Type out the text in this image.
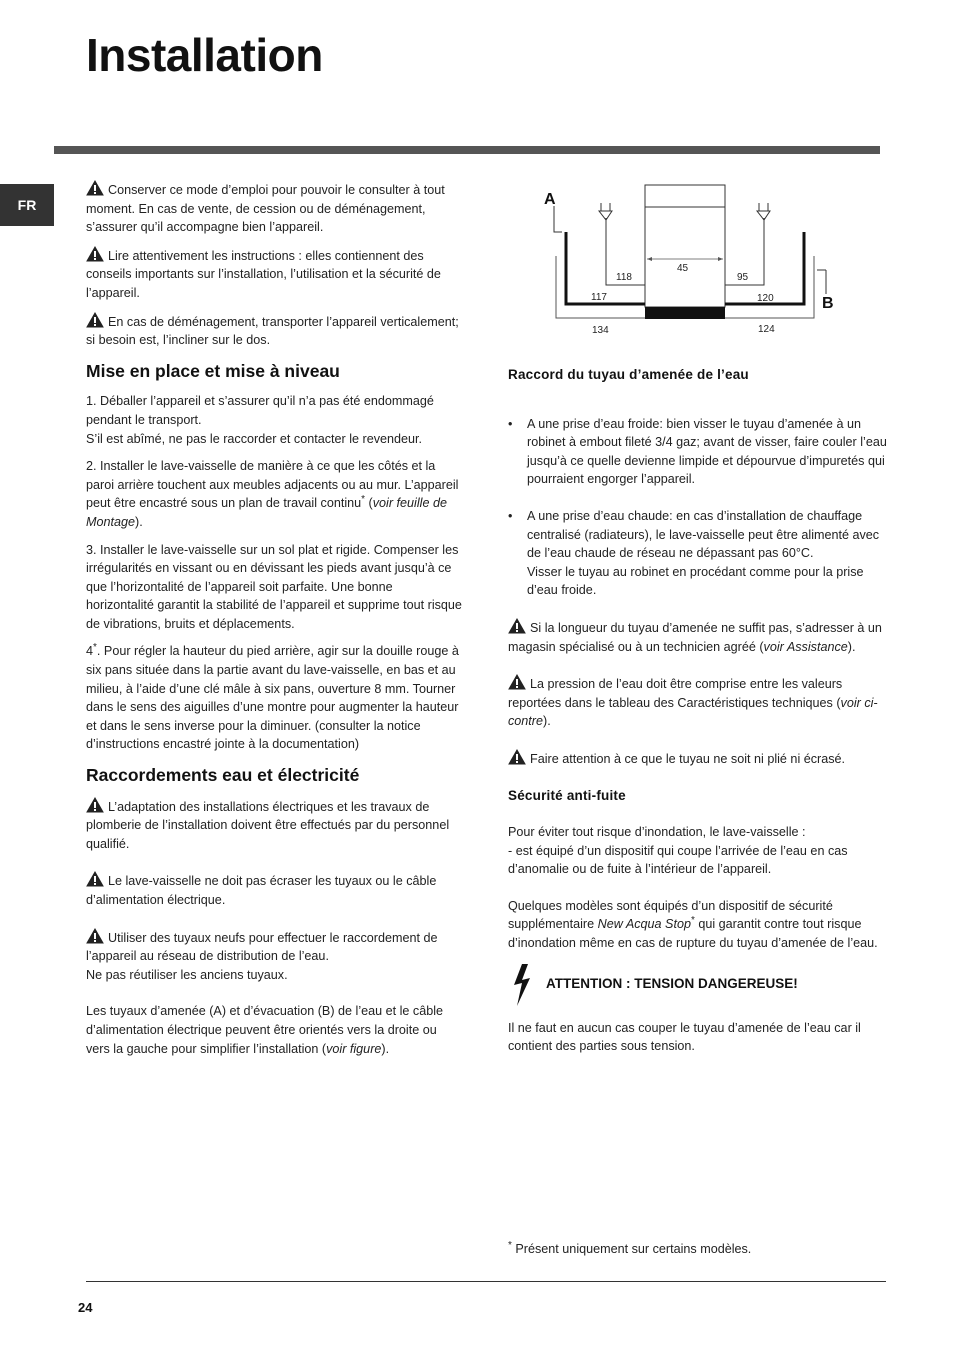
Installation
FR

Conserver ce mode d’emploi pour pouvoir le consulter à tout moment. En cas de vente, de cession ou de déménagement, s’assurer qu’il accompagne bien l’appareil.

Lire attentivement les instructions : elles contiennent des conseils importants sur l’installation, l’utilisation et la sécurité de l’appareil.

En cas de déménagement, transporter l’appareil verticalement; si besoin est, l’incliner sur le dos.

Mise en place et mise à niveau

1. Déballer l’appareil et s’assurer qu’il n’a pas été endommagé pendant le transport.
S’il est abîmé, ne pas le raccorder et contacter le revendeur.

2. Installer le lave-vaisselle de manière à ce que les côtés et la paroi arrière touchent aux meubles adjacents ou au mur. L’appareil peut être encastré sous un plan de travail continu* (voir feuille de Montage).

3. Installer le lave-vaisselle sur un sol plat et rigide. Compenser les irrégularités en vissant ou en dévissant les pieds avant jusqu’à ce que l’horizontalité de l’appareil soit parfaite. Une bonne horizontalité garantit la stabilité de l’appareil et supprime tout risque de vibrations, bruits et déplacements.

4*. Pour régler la hauteur du pied arrière, agir sur la douille rouge à six pans située dans la partie avant du lave-vaisselle, en bas et au milieu, à l’aide d’une clé mâle à six pans, ouverture 8 mm. Tourner dans le sens des aiguilles d’une montre pour augmenter la hauteur et dans le sens inverse pour la diminuer. (consulter la notice d’instructions encastré jointe à la documentation)

Raccordements eau et électricité

L’adaptation des installations électriques et les travaux de plomberie de l’installation doivent être effectués par du personnel qualifié.

Le lave-vaisselle ne doit pas écraser les tuyaux ou le câble d’alimentation électrique.

Utiliser des tuyaux neufs pour effectuer le raccordement de l’appareil au réseau de distribution de l’eau.
Ne pas réutiliser les anciens tuyaux.

Les tuyaux d’amenée (A) et d’évacuation (B) de l’eau et le câble d’alimentation électrique peuvent être orientés vers la droite ou vers la gauche pour simplifier l’installation (voir figure).

A
B
45
118	95
117	120
134	124
Raccord du tuyau d’amenée de l’eau
• A une prise d’eau froide: bien visser le tuyau d’amenée à un robinet à embout fileté 3/4 gaz; avant de visser, faire couler l’eau jusqu’à ce quelle devienne limpide et dépourvue d’impuretés qui pourraient engorger l’appareil.
• A une prise d’eau chaude: en cas d’installation de chauffage centralisé (radiateurs), le lave-vaisselle peut être alimenté avec de l’eau chaude de réseau ne dépassant pas 60°C.
Visser le tuyau au robinet en procédant comme pour la prise d’eau froide.

Si la longueur du tuyau d’amenée ne suffit pas, s’adresser à un magasin spécialisé ou à un technicien agréé (voir Assistance).

La pression de l’eau doit être comprise entre les valeurs reportées dans le tableau des Caractéristiques techniques (voir ci-contre).

Faire attention à ce que le tuyau ne soit ni plié ni écrasé.

Sécurité anti-fuite

Pour éviter tout risque d’inondation, le lave-vaisselle :
- est équipé d’un dispositif qui coupe l’arrivée de l’eau en cas d’anomalie ou de fuite à l’intérieur de l’appareil.

Quelques modèles sont équipés d’un dispositif de sécurité supplémentaire New Acqua Stop* qui garantit contre tout risque d’inondation même en cas de rupture du tuyau d’amenée de l’eau.

ATTENTION : TENSION DANGEREUSE!

Il ne faut en aucun cas couper le tuyau d’amenée de l’eau car il contient des parties sous tension.

* Présent uniquement sur certains modèles.
24
